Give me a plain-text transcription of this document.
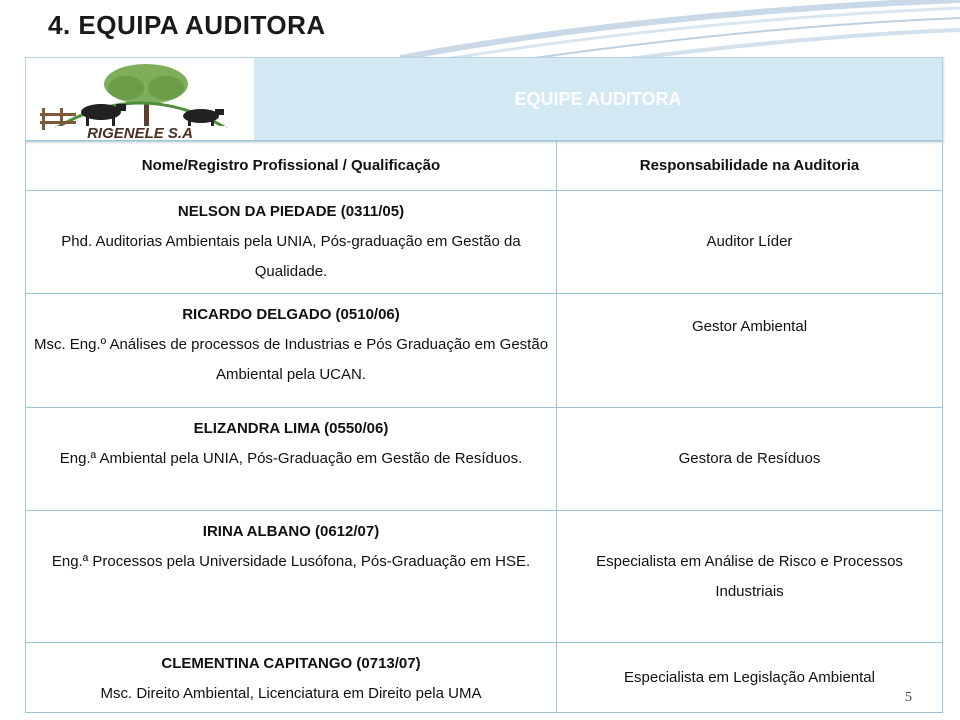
4. EQUIPA AUDITORA
RIGENELE S.A
EQUIPE AUDITORA
Nome/Registro Profissional / Qualificação	Responsabilidade na Auditoria

NELSON DA PIEDADE (0311/05)
Phd. Auditorias Ambientais pela UNIA, Pós-graduação em Gestão da Qualidade.	Auditor Líder

RICARDO DELGADO (0510/06)
Msc. Eng.º Análises de processos de Industrias e Pós Graduação em Gestão Ambiental pela UCAN.	Gestor Ambiental

ELIZANDRA LIMA (0550/06)
Eng.ª Ambiental pela UNIA, Pós-Graduação em Gestão de Resíduos.	Gestora de Resíduos

IRINA ALBANO (0612/07)
Eng.ª Processos pela Universidade Lusófona, Pós-Graduação em HSE.	Especialista em Análise de Risco e Processos Industriais

CLEMENTINA CAPITANGO (0713/07)
Msc. Direito Ambiental, Licenciatura em Direito pela UMA	Especialista em Legislação Ambiental
5
